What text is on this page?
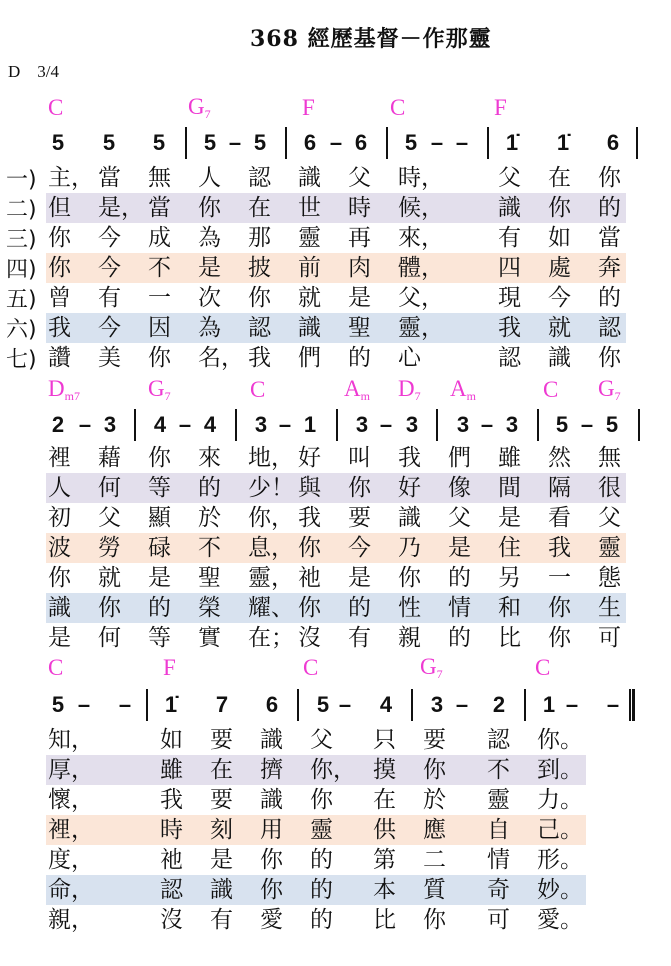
368 經歷基督－作那靈
D 3/4
C	$G_7$	F	C	F
5 5 5 5 – 5 6 – 6 5 – – 1̇ 1̇ 6
一) 主， 當 無 人 認 識 父 時， 父 在 你
二) 但 是， 當 你 在 世 時 候， 識 你 的
三) 你 今 成 為 那 靈 再 來， 有 如 當
四) 你 今 不 是 披 前 肉 體， 四 處 奔
五) 曾 有 一 次 你 就 是 父， 現 今 的
六) 我 今 因 為 認 識 聖 靈， 我 就 認
七) 讚 美 你 名， 我 們 的 心	認 識 你
$D_{m7}$	$G_7$	C	$A_m$ $D_7$ $A_m$	C $G_7$
2 – 3 4 – 4 3 – 1 3 – 3 3 – 3 5 – 5
裡 藉 你 來 地， 好 叫 我 們 雖 然 無
人 何 等 的 少！ 與 你 好 像 間 隔 很
初 父 顯 於 你， 我 要 識 父 是 看 父
波 勞 碌 不 息， 你 今 乃 是 住 我 靈
你 就 是 聖 靈， 祂 是 你 的 另 一 態
識 你 的 榮 耀、 你 的 性 情 和 你 生
是 何 等 實 在； 沒 有 親 的 比 你 可
C	F	C	$G_7$	C
5 – – 1̇ 7 6 5 – 4 3 – 2 1 – –
知，	如 要 識 父 只 要 認 你。
厚，	雖 在 擠 你， 摸 你 不 到。
懷，	我 要 識 你 在 於 靈 力。
裡，	時 刻 用 靈 供 應 自 己。
度，	祂 是 你 的 第 二 情 形。
命，	認 識 你 的 本 質 奇 妙。
親，	沒 有 愛 的 比 你 可 愛。
